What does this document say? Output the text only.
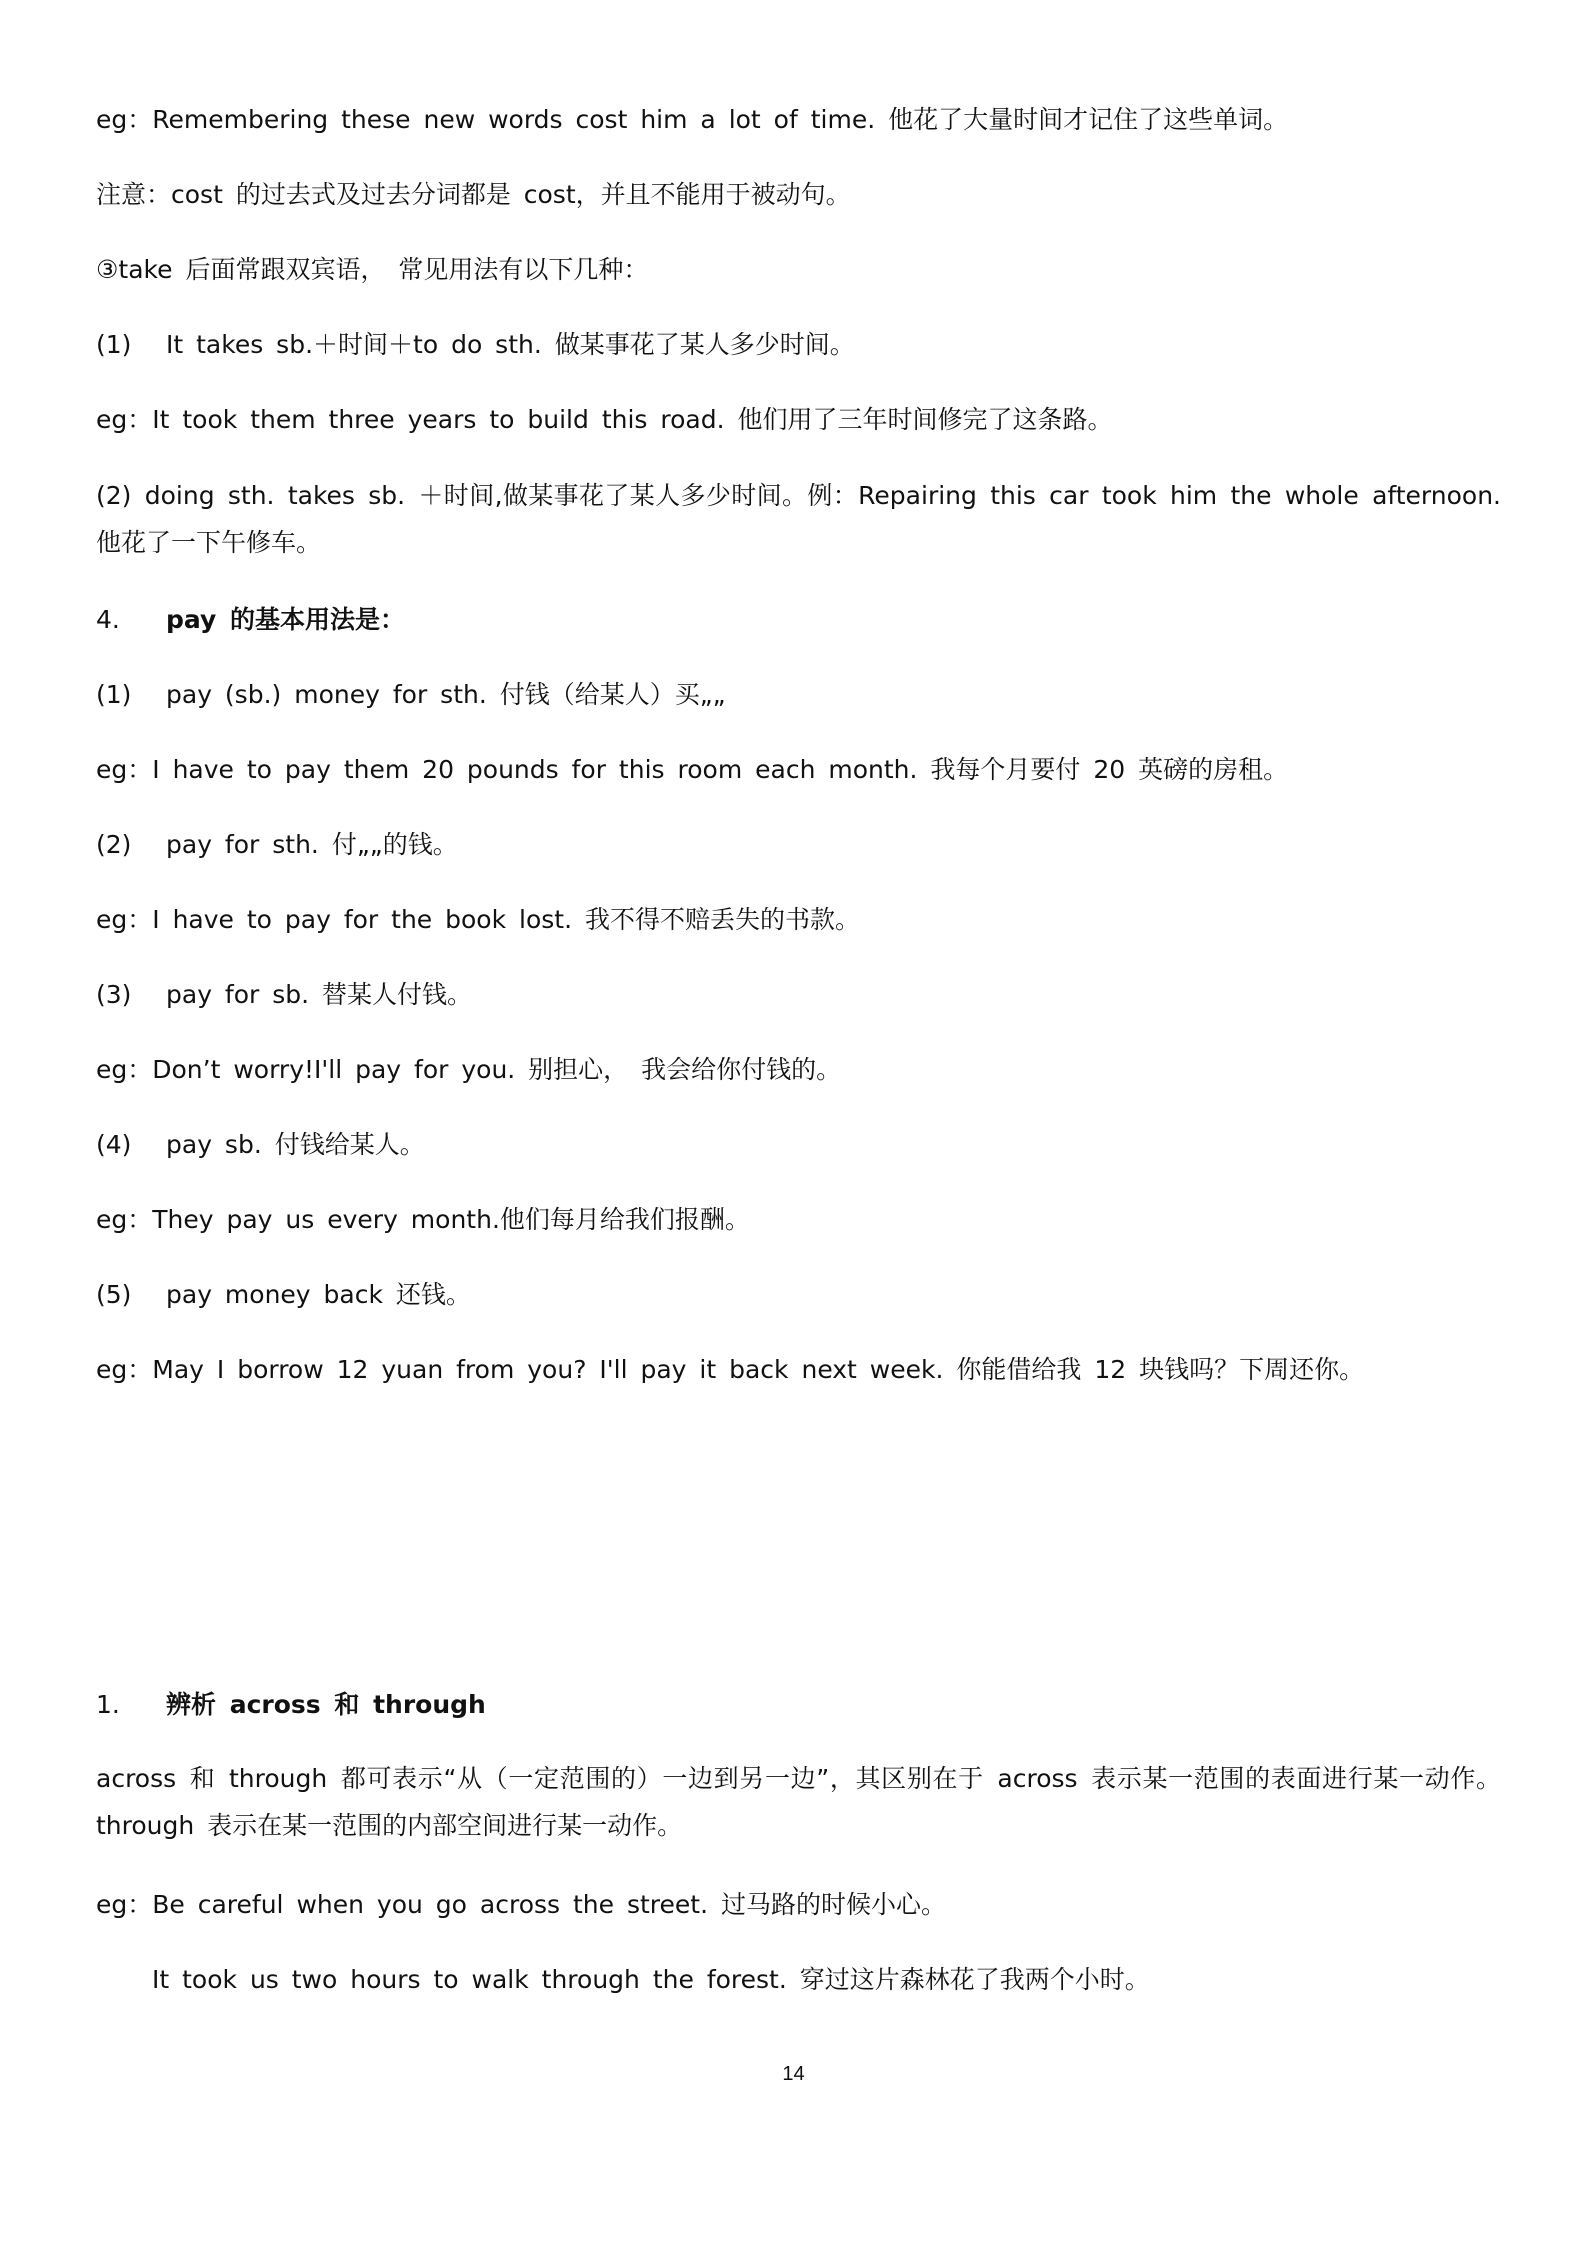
eg：Remembering these new words cost him a lot of time. 他花了大量时间才记住了这些单词。
注意：cost 的过去式及过去分词都是 cost，并且不能用于被动句。
③take 后面常跟双宾语， 常见用法有以下几种：
(1) It takes sb.＋时间＋to do sth. 做某事花了某人多少时间。
eg：It took them three years to build this road. 他们用了三年时间修完了这条路。
(2) doing sth. takes sb. ＋时间,做某事花了某人多少时间。例：Repairing this car took him the whole afternoon. 他花了一下午修车。
4. pay 的基本用法是：
(1) pay (sb.) money for sth. 付钱（给某人）买„„
eg：I have to pay them 20 pounds for this room each month. 我每个月要付 20 英磅的房租。
(2) pay for sth. 付„„的钱。
eg：I have to pay for the book lost. 我不得不赔丢失的书款。
(3) pay for sb. 替某人付钱。
eg：Don’t worry!I'll pay for you. 别担心， 我会给你付钱的。
(4) pay sb. 付钱给某人。
eg：They pay us every month.他们每月给我们报酬。
(5) pay money back 还钱。
eg：May I borrow 12 yuan from you? I'll pay it back next week. 你能借给我 12 块钱吗？下周还你。
1. 辨析 across 和 through
across 和 through 都可表示“从（一定范围的）一边到另一边”，其区别在于 across 表示某一范围的表面进行某一动作。 through 表示在某一范围的内部空间进行某一动作。
eg：Be careful when you go across the street. 过马路的时候小心。
It took us two hours to walk through the forest. 穿过这片森林花了我两个小时。
14
